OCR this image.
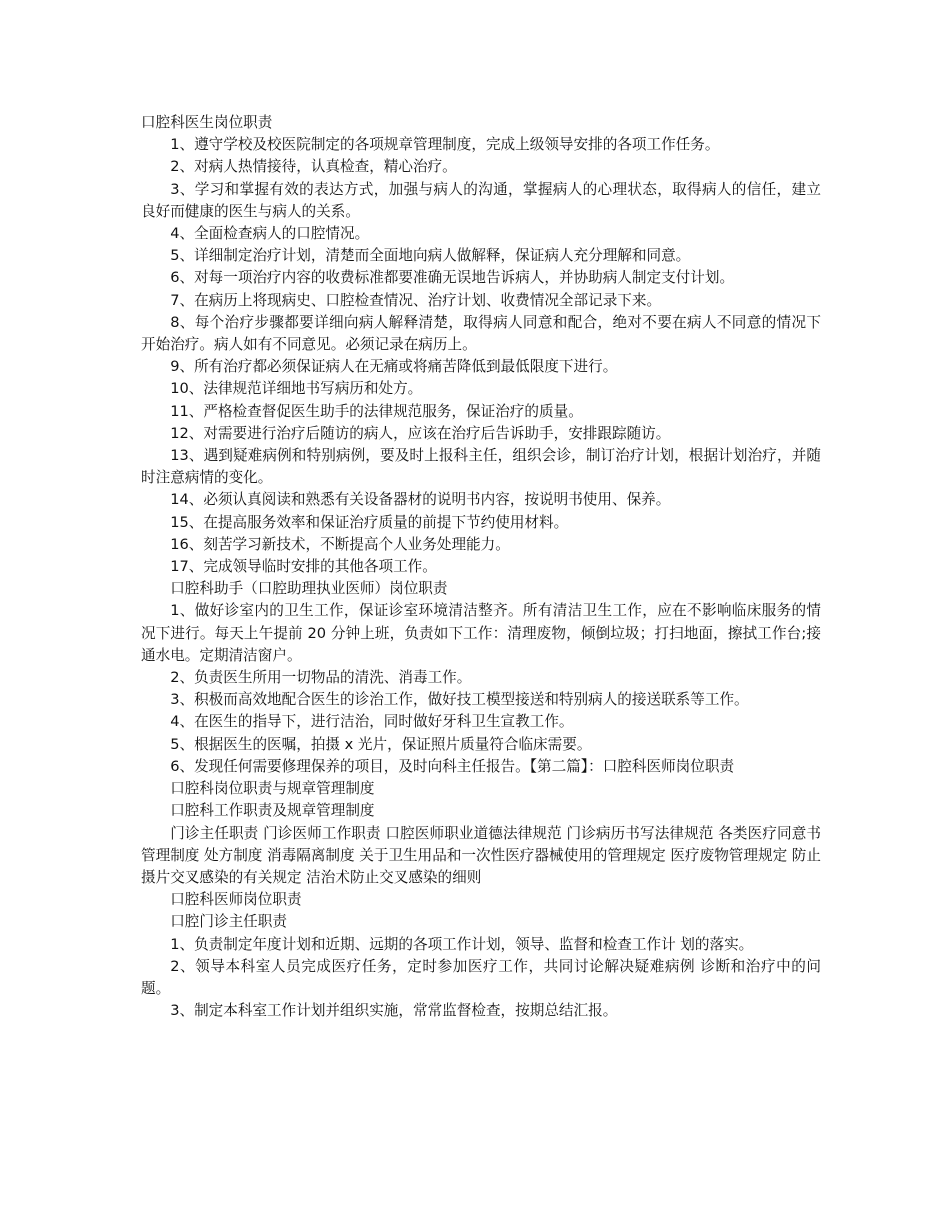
口腔科医生岗位职责

1、遵守学校及校医院制定的各项规章管理制度，完成上级领导安排的各项工作任务。

2、对病人热情接待，认真检查，精心治疗。

3、学习和掌握有效的表达方式，加强与病人的沟通，掌握病人的心理状态，取得病人的信任，建立良好而健康的医生与病人的关系。

4、全面检查病人的口腔情况。

5、详细制定治疗计划，清楚而全面地向病人做解释，保证病人充分理解和同意。

6、对每一项治疗内容的收费标准都要准确无误地告诉病人，并协助病人制定支付计划。

7、在病历上将现病史、口腔检查情况、治疗计划、收费情况全部记录下来。

8、每个治疗步骤都要详细向病人解释清楚，取得病人同意和配合，绝对不要在病人不同意的情况下开始治疗。病人如有不同意见。必须记录在病历上。

9、所有治疗都必须保证病人在无痛或将痛苦降低到最低限度下进行。

10、法律规范详细地书写病历和处方。

11、严格检查督促医生助手的法律规范服务，保证治疗的质量。

12、对需要进行治疗后随访的病人，应该在治疗后告诉助手，安排跟踪随访。

13、遇到疑难病例和特别病例，要及时上报科主任，组织会诊，制订治疗计划，根据计划治疗，并随时注意病情的变化。

14、必须认真阅读和熟悉有关设备器材的说明书内容，按说明书使用、保养。

15、在提高服务效率和保证治疗质量的前提下节约使用材料。

16、刻苦学习新技术，不断提高个人业务处理能力。

17、完成领导临时安排的其他各项工作。

口腔科助手（口腔助理执业医师）岗位职责

1、做好诊室内的卫生工作，保证诊室环境清洁整齐。所有清洁卫生工作，应在不影响临床服务的情况下进行。每天上午提前 20 分钟上班，负责如下工作：清理废物，倾倒垃圾；打扫地面，擦拭工作台;接通水电。定期清洁窗户。

2、负责医生所用一切物品的清洗、消毒工作。

3、积极而高效地配合医生的诊治工作，做好技工模型接送和特别病人的接送联系等工作。

4、在医生的指导下，进行洁治，同时做好牙科卫生宣教工作。

5、根据医生的医嘱，拍摄 x 光片，保证照片质量符合临床需要。

6、发现任何需要修理保养的项目，及时向科主任报告。【第二篇】：口腔科医师岗位职责

口腔科岗位职责与规章管理制度

口腔科工作职责及规章管理制度

门诊主任职责 门诊医师工作职责 口腔医师职业道德法律规范 门诊病历书写法律规范 各类医疗同意书管理制度 处方制度 消毒隔离制度 关于卫生用品和一次性医疗器械使用的管理规定 医疗废物管理规定 防止摄片交叉感染的有关规定 洁治术防止交叉感染的细则

口腔科医师岗位职责

口腔门诊主任职责

1、负责制定年度计划和近期、远期的各项工作计划，领导、监督和检查工作计 划的落实。

2、领导本科室人员完成医疗任务，定时参加医疗工作，共同讨论解决疑难病例 诊断和治疗中的问题。

3、制定本科室工作计划并组织实施，常常监督检查，按期总结汇报。
